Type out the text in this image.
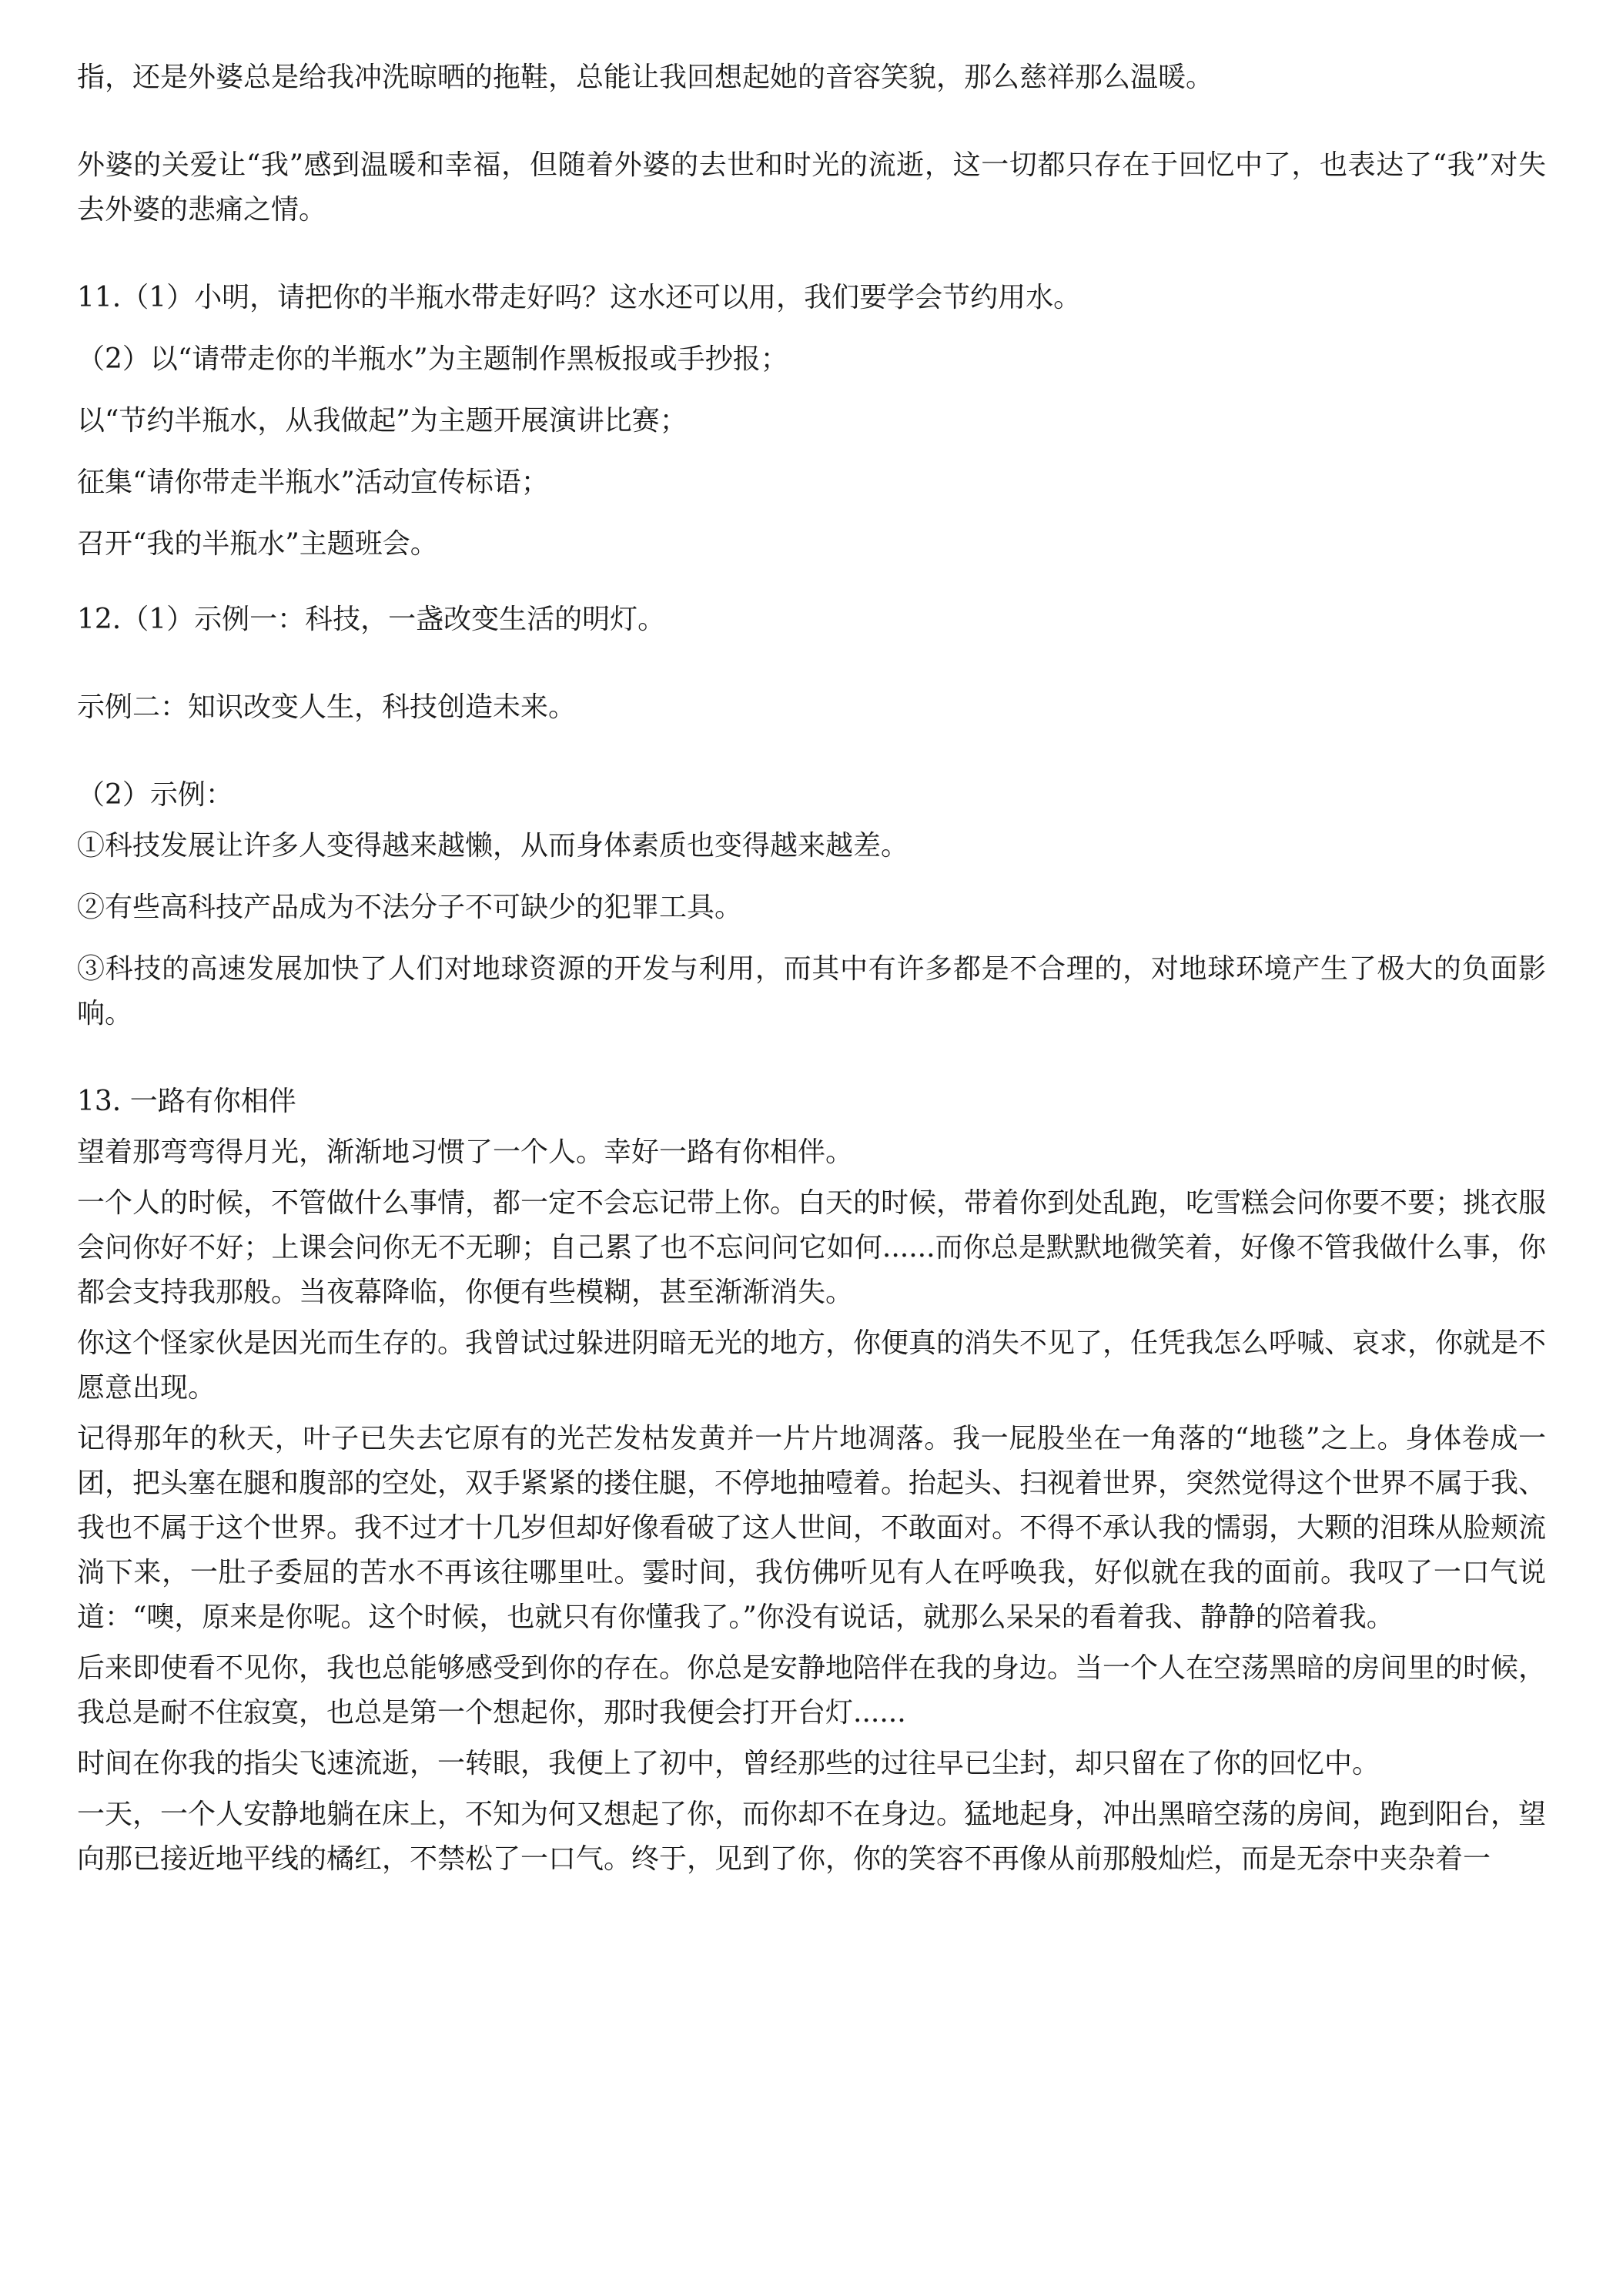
指，还是外婆总是给我冲洗晾晒的拖鞋，总能让我回想起她的音容笑貌，那么慈祥那么温暖。

外婆的关爱让“我”感到温暖和幸福，但随着外婆的去世和时光的流逝，这一切都只存在于回忆中了，也表达了“我”对失去外婆的悲痛之情。

11.（1）小明，请把你的半瓶水带走好吗？这水还可以用，我们要学会节约用水。

（2）以“请带走你的半瓶水”为主题制作黑板报或手抄报；

以“节约半瓶水，从我做起”为主题开展演讲比赛；

征集“请你带走半瓶水”活动宣传标语；

召开“我的半瓶水”主题班会。

12.（1）示例一：科技，一盏改变生活的明灯。

示例二：知识改变人生，科技创造未来。

（2）示例：

①科技发展让许多人变得越来越懒，从而身体素质也变得越来越差。

②有些高科技产品成为不法分子不可缺少的犯罪工具。

③科技的高速发展加快了人们对地球资源的开发与利用，而其中有许多都是不合理的，对地球环境产生了极大的负面影响。

13. 一路有你相伴

望着那弯弯得月光，渐渐地习惯了一个人。幸好一路有你相伴。

一个人的时候，不管做什么事情，都一定不会忘记带上你。白天的时候，带着你到处乱跑，吃雪糕会问你要不要；挑衣服会问你好不好；上课会问你无不无聊；自己累了也不忘问问它如何......而你总是默默地微笑着，好像不管我做什么事，你都会支持我那般。当夜幕降临，你便有些模糊，甚至渐渐消失。

你这个怪家伙是因光而生存的。我曾试过躲进阴暗无光的地方，你便真的消失不见了，任凭我怎么呼喊、哀求，你就是不愿意出现。

记得那年的秋天，叶子已失去它原有的光芒发枯发黄并一片片地凋落。我一屁股坐在一角落的“地毯”之上。身体卷成一团，把头塞在腿和腹部的空处，双手紧紧的搂住腿，不停地抽噎着。抬起头、扫视着世界，突然觉得这个世界不属于我、我也不属于这个世界。我不过才十几岁但却好像看破了这人世间，不敢面对。不得不承认我的懦弱，大颗的泪珠从脸颊流淌下来，一肚子委屈的苦水不再该往哪里吐。霎时间，我仿佛听见有人在呼唤我，好似就在我的面前。我叹了一口气说道：“噢，原来是你呢。这个时候，也就只有你懂我了。”你没有说话，就那么呆呆的看着我、静静的陪着我。

后来即使看不见你，我也总能够感受到你的存在。你总是安静地陪伴在我的身边。当一个人在空荡黑暗的房间里的时候，我总是耐不住寂寞，也总是第一个想起你，那时我便会打开台灯......

时间在你我的指尖飞速流逝，一转眼，我便上了初中，曾经那些的过往早已尘封，却只留在了你的回忆中。

一天，一个人安静地躺在床上，不知为何又想起了你，而你却不在身边。猛地起身，冲出黑暗空荡的房间，跑到阳台，望向那已接近地平线的橘红，不禁松了一口气。终于，见到了你，你的笑容不再像从前那般灿烂，而是无奈中夹杂着一
